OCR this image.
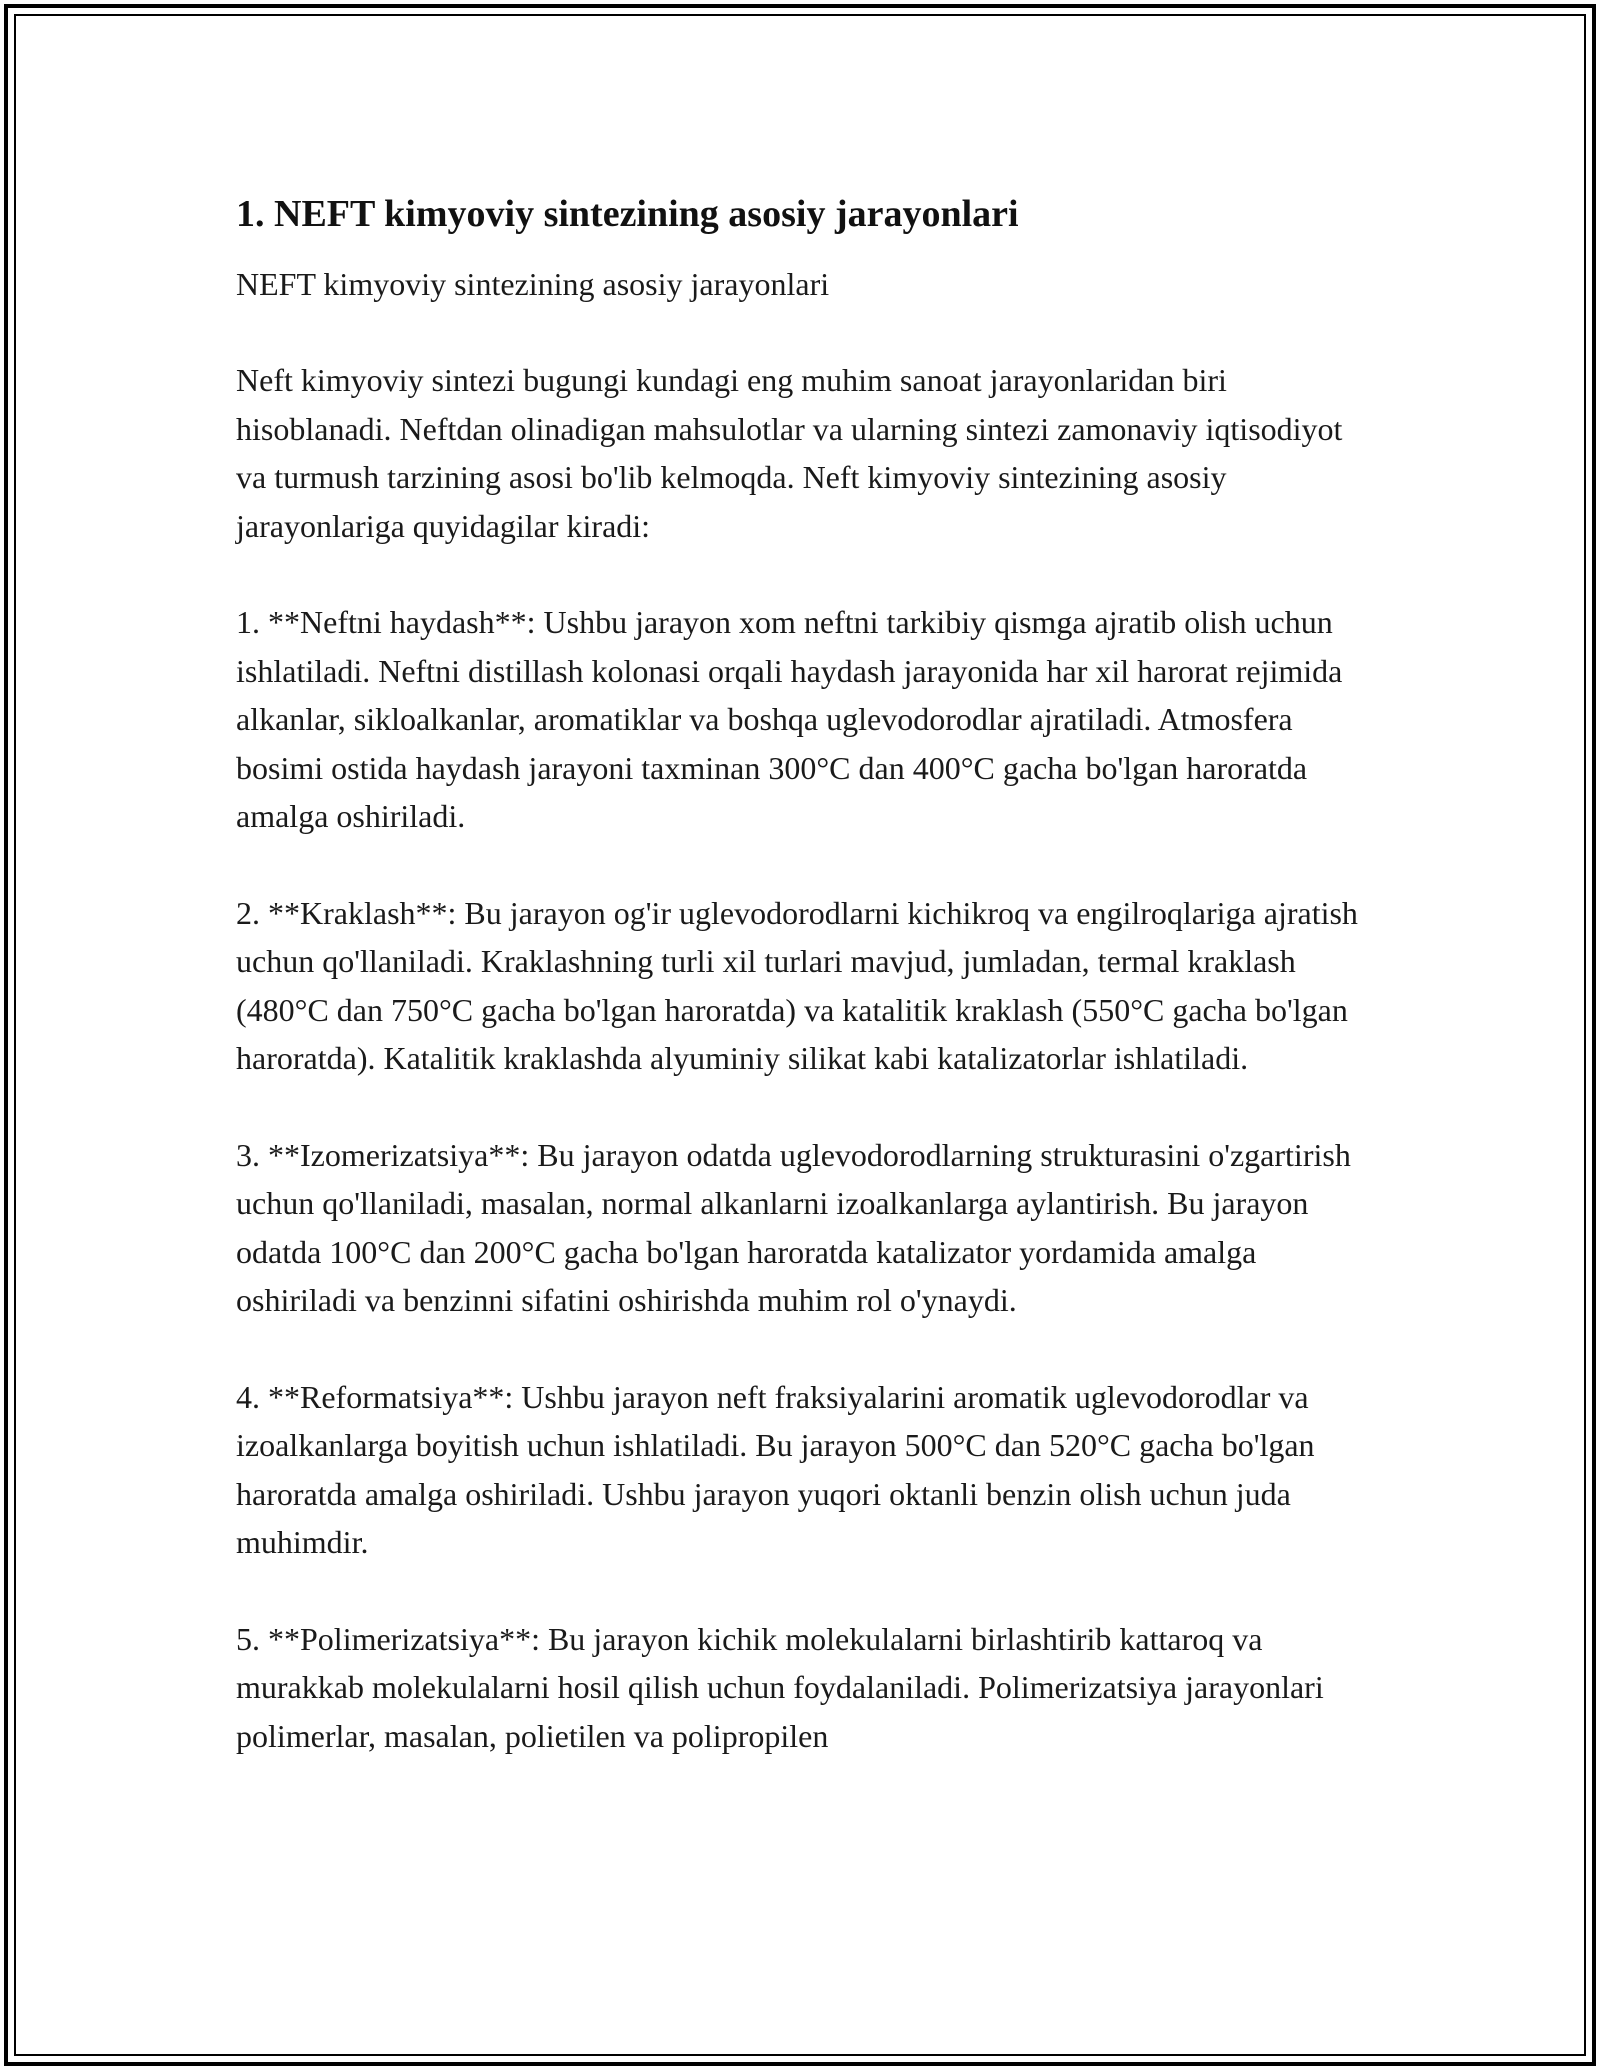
1. NEFT kimyoviy sintezining asosiy jarayonlari

NEFT kimyoviy sintezining asosiy jarayonlari

Neft kimyoviy sintezi bugungi kundagi eng muhim sanoat jarayonlaridan biri hisoblanadi. Neftdan olinadigan mahsulotlar va ularning sintezi zamonaviy iqtisodiyot va turmush tarzining asosi bo'lib kelmoqda. Neft kimyoviy sintezining asosiy jarayonlariga quyidagilar kiradi:

1. **Neftni haydash**: Ushbu jarayon xom neftni tarkibiy qismga ajratib olish uchun ishlatiladi. Neftni distillash kolonasi orqali haydash jarayonida har xil harorat rejimida alkanlar, sikloalkanlar, aromatiklar va boshqa uglevodorodlar ajratiladi. Atmosfera bosimi ostida haydash jarayoni taxminan 300°C dan 400°C gacha bo'lgan haroratda amalga oshiriladi.

2. **Kraklash**: Bu jarayon og'ir uglevodorodlarni kichikroq va engilroqlariga ajratish uchun qo'llaniladi. Kraklashning turli xil turlari mavjud, jumladan, termal kraklash (480°C dan 750°C gacha bo'lgan haroratda) va katalitik kraklash (550°C gacha bo'lgan haroratda). Katalitik kraklashda alyuminiy silikat kabi katalizatorlar ishlatiladi.

3. **Izomerizatsiya**: Bu jarayon odatda uglevodorodlarning strukturasini o'zgartirish uchun qo'llaniladi, masalan, normal alkanlarni izoalkanlarga aylantirish. Bu jarayon odatda 100°C dan 200°C gacha bo'lgan haroratda katalizator yordamida amalga oshiriladi va benzinni sifatini oshirishda muhim rol o'ynaydi.

4. **Reformatsiya**: Ushbu jarayon neft fraksiyalarini aromatik uglevodorodlar va izoalkanlarga boyitish uchun ishlatiladi. Bu jarayon 500°C dan 520°C gacha bo'lgan haroratda amalga oshiriladi. Ushbu jarayon yuqori oktanli benzin olish uchun juda muhimdir.

5. **Polimerizatsiya**: Bu jarayon kichik molekulalarni birlashtirib kattaroq va murakkab molekulalarni hosil qilish uchun foydalaniladi. Polimerizatsiya jarayonlari polimerlar, masalan, polietilen va polipropilen
